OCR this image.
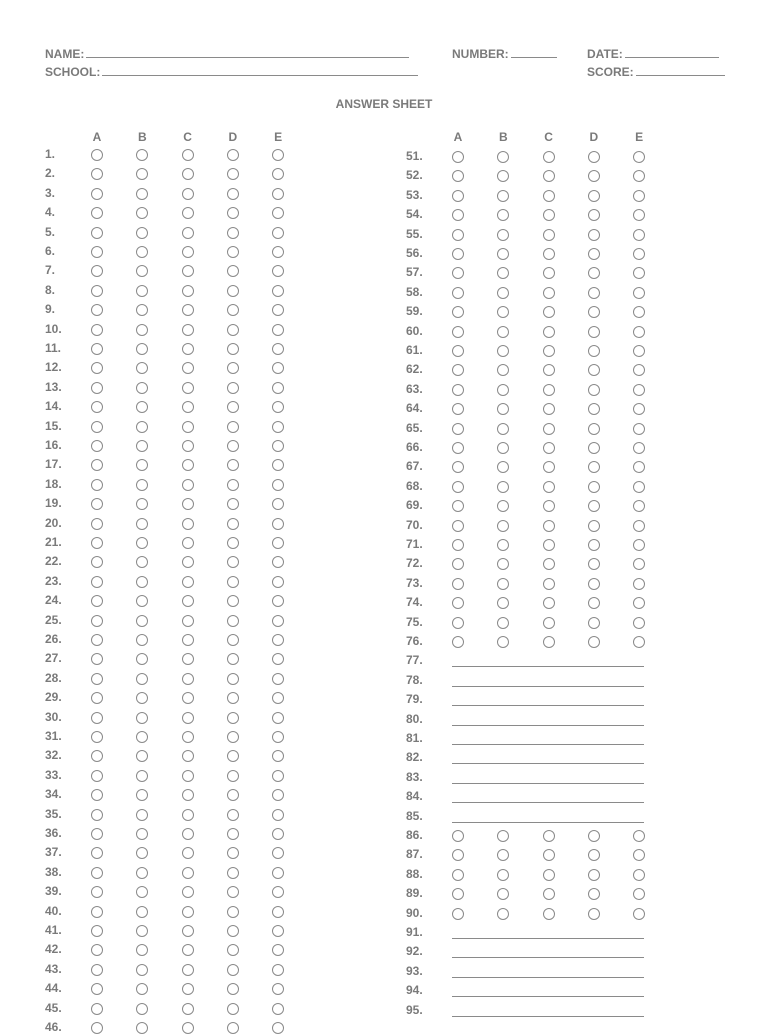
NAME:
SCHOOL:
NUMBER:	DATE:
SCORE:
ANSWER SHEET
A	B	C	D	E
1.
2.
3.
4.
5.
6.
7.
8.
9.
10.
11.
12.
13.
14.
15.
16.
17.
18.
19.
20.
21.
22.
23.
24.
25.
26.
27.
28.
29.
30.
31.
32.
33.
34.
35.
36.
37.
38.
39.
40.
41.
42.
43.
44.
45.
46.
A	B	C	D	E
51.
52.
53.
54.
55.
56.
57.
58.
59.
60.
61.
62.
63.
64.
65.
66.
67.
68.
69.
70.
71.
72.
73.
74.
75.
76.
77.
78.
79.
80.
81.
82.
83.
84.
85.
86.
87.
88.
89.
90.
91.
92.
93.
94.
95.
